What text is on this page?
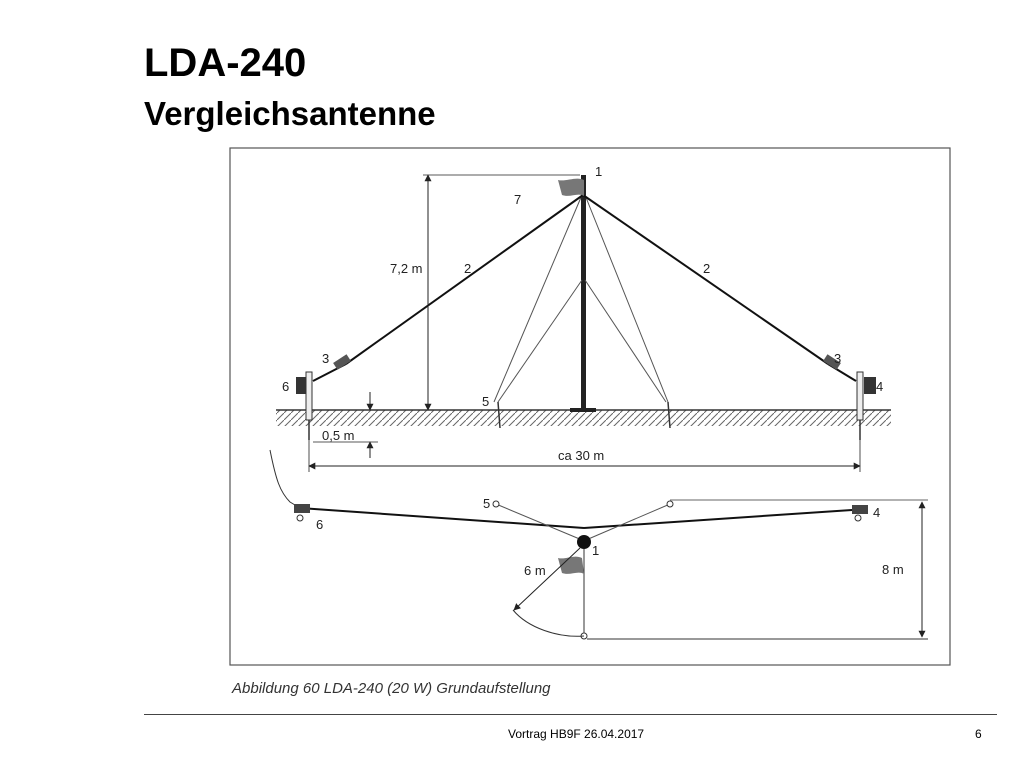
LDA-240
Vergleichsantenne
7,2 m
0,5 m
ca 30 m
1
7
2	2
3	3
6	4
5
6 m	8 m
5
6
4
1
Abbildung 60 LDA-240 (20 W) Grundaufstellung
Vortrag HB9F 26.04.2017	6
